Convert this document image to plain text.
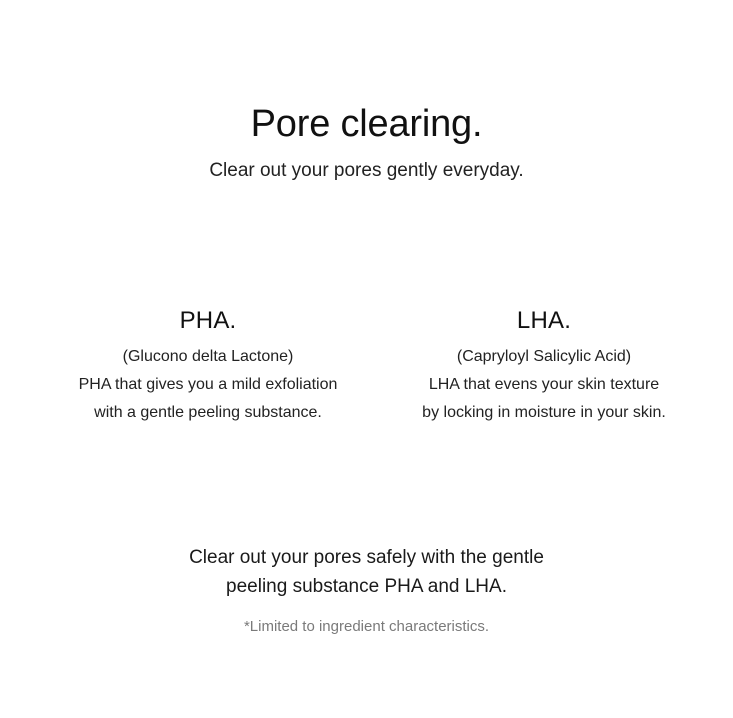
Pore clearing.

Clear out your pores gently everyday.

PHA.

(Glucono delta Lactone)

PHA that gives you a mild exfoliation

with a gentle peeling substance.

LHA.

(Capryloyl Salicylic Acid)

LHA that evens your skin texture

by locking in moisture in your skin.

Clear out your pores safely with the gentle
peeling substance PHA and LHA.

*Limited to ingredient characteristics.
